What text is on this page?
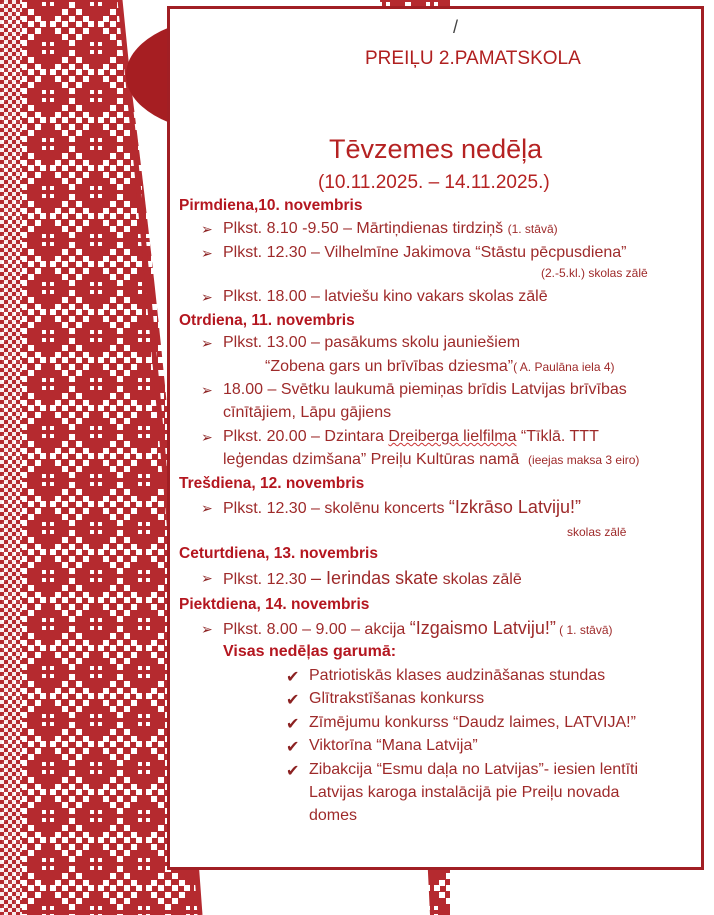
/
PREIĻU 2.PAMATSKOLA
Tēvzemes nedēļa
(10.11.2025. – 14.11.2025.)
Pirmdiena,10. novembris
➢ Plkst. 8.10 -9.50 – Mārtiņdienas tirdziņš (1. stāvā)
➢ Plkst. 12.30 – Vilhelmīne Jakimova “Stāstu pēcpusdiena”
(2.-5.kl.) skolas zālē
➢ Plkst. 18.00 – latviešu kino vakars skolas zālē
Otrdiena, 11. novembris
➢ Plkst. 13.00 – pasākums skolu jauniešiem
“Zobena gars un brīvības dziesma”( A. Paulāna iela 4)
➢ 18.00 – Svētku laukumā piemiņas brīdis Latvijas brīvības
cīnītājiem, Lāpu gājiens
➢ Plkst. 20.00 – Dzintara Dreiberga lielfilma “Tīklā. TTT
leģendas dzimšana” Preiļu Kultūras namā (ieejas maksa 3 eiro)
Trešdiena, 12. novembris
➢ Plkst. 12.30 – skolēnu koncerts “Izkrāso Latviju!”
skolas zālē
Ceturtdiena, 13. novembris
➢ Plkst. 12.30 – Ierindas skate skolas zālē
Piektdiena, 14. novembris
➢ Plkst. 8.00 – 9.00 – akcija “Izgaismo Latviju!” ( 1. stāvā)
Visas nedēļas garumā:
✔ Patriotiskās klases audzināšanas stundas
✔ Glītrakstīšanas konkurss
✔ Zīmējumu konkurss “Daudz laimes, LATVIJA!”
✔ Viktorīna “Mana Latvija”
✔ Zibakcija “Esmu daļa no Latvijas”- iesien lentīti
Latvijas karoga instalācijā pie Preiļu novada
domes
